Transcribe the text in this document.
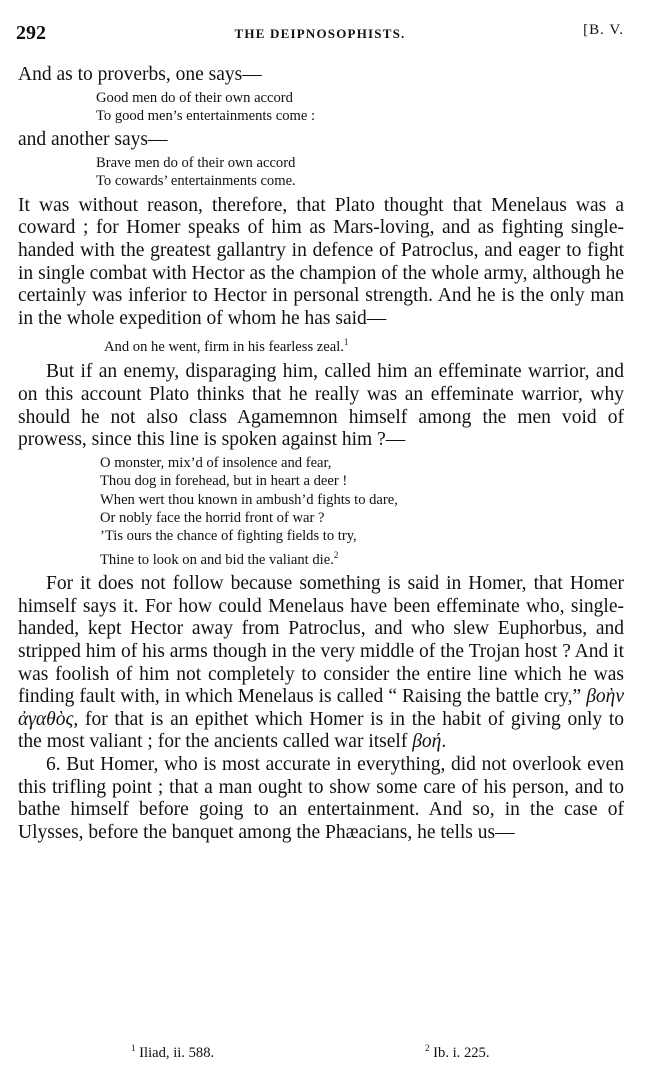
292	THE DEIPNOSOPHISTS.	[B. V.

And as to proverbs, one says—

Good men do of their own accord
To good men’s entertainments come :

and another says—

Brave men do of their own accord
To cowards’ entertainments come.

It was without reason, therefore, that Plato thought that Menelaus was a coward ; for Homer speaks of him as Mars-loving, and as fighting single-handed with the greatest gallantry in defence of Patroclus, and eager to fight in single combat with Hector as the champion of the whole army, although he certainly was inferior to Hector in personal strength. And he is the only man in the whole expedition of whom he has said—

And on he went, firm in his fearless zeal.$^1$

But if an enemy, disparaging him, called him an effeminate warrior, and on this account Plato thinks that he really was an effeminate warrior, why should he not also class Agamemnon himself among the men void of prowess, since this line is spoken against him ?—

O monster, mix’d of insolence and fear,
Thou dog in forehead, but in heart a deer !
When wert thou known in ambush’d fights to dare,
Or nobly face the horrid front of war ?
’Tis ours the chance of fighting fields to try,
Thine to look on and bid the valiant die.$^2$

For it does not follow because something is said in Homer, that Homer himself says it. For how could Menelaus have been effeminate who, single-handed, kept Hector away from Patroclus, and who slew Euphorbus, and stripped him of his arms though in the very middle of the Trojan host ? And it was foolish of him not completely to consider the entire line which he was finding fault with, in which Menelaus is called “ Raising the battle cry,” βοὴν ἀγαθὸς, for that is an epithet which Homer is in the habit of giving only to the most valiant ; for the ancients called war itself βοή.

6. But Homer, who is most accurate in everything, did not overlook even this trifling point ; that a man ought to show some care of his person, and to bathe himself before going to an entertainment. And so, in the case of Ulysses, before the banquet among the Phæacians, he tells us—

$^1$ Iliad, ii. 588.	$^2$ Ib. i. 225.
